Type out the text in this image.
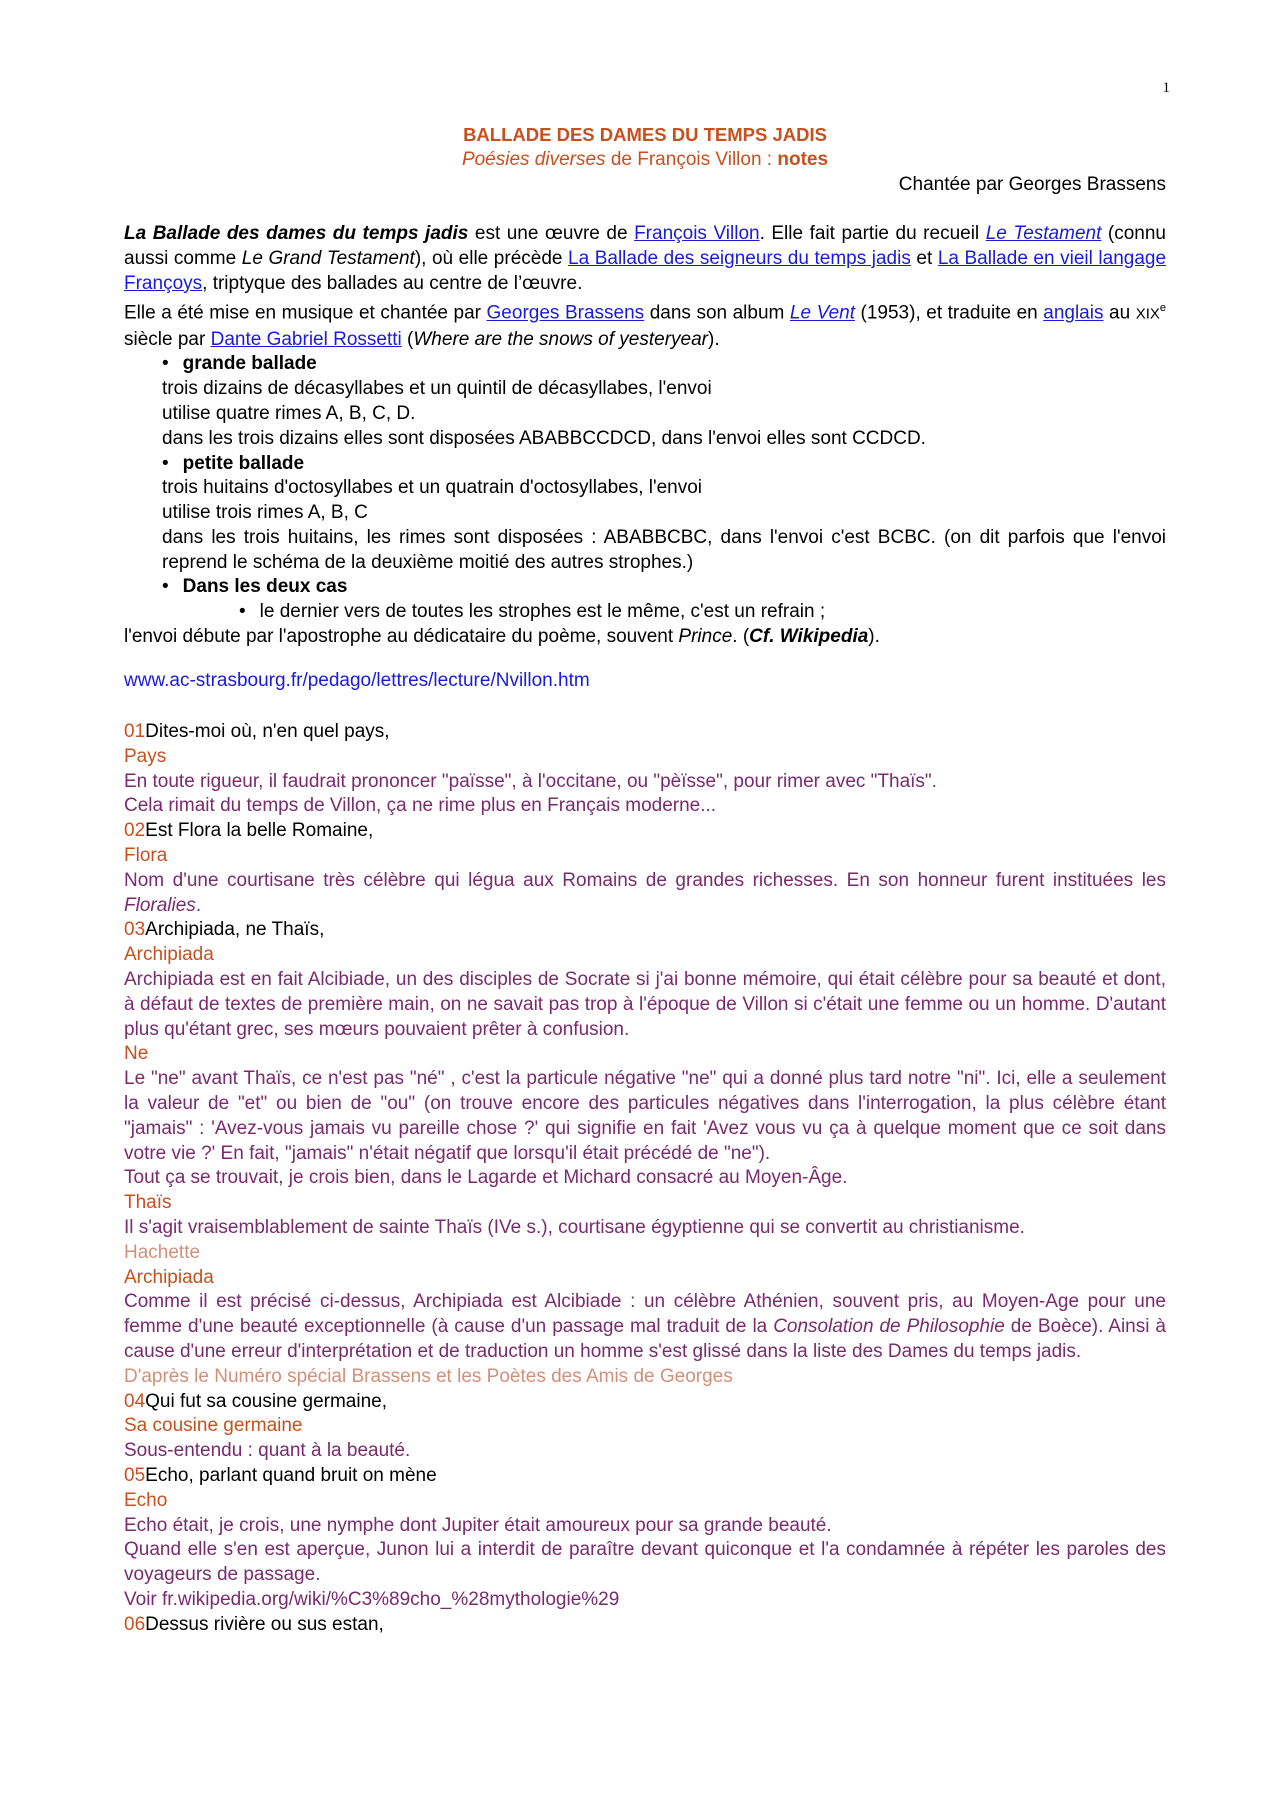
1
BALLADE DES DAMES DU TEMPS JADIS
Poésies diverses de François Villon : notes
Chantée par Georges Brassens
La Ballade des dames du temps jadis est une œuvre de François Villon. Elle fait partie du recueil Le Testament (connu aussi comme Le Grand Testament), où elle précède La Ballade des seigneurs du temps jadis et La Ballade en vieil langage Françoys, triptyque des ballades au centre de l’œuvre.
Elle a été mise en musique et chantée par Georges Brassens dans son album Le Vent (1953), et traduite en anglais au XIXe siècle par Dante Gabriel Rossetti (Where are the snows of yesteryear).
• grande ballade
trois dizains de décasyllabes et un quintil de décasyllabes, l'envoi
utilise quatre rimes A, B, C, D.
dans les trois dizains elles sont disposées ABABBCCDCD, dans l'envoi elles sont CCDCD.
• petite ballade
trois huitains d'octosyllabes et un quatrain d'octosyllabes, l'envoi
utilise trois rimes A, B, C
dans les trois huitains, les rimes sont disposées : ABABBCBC, dans l'envoi c'est BCBC. (on dit parfois que l'envoi reprend le schéma de la deuxième moitié des autres strophes.)
• Dans les deux cas
• le dernier vers de toutes les strophes est le même, c'est un refrain ;
l'envoi débute par l'apostrophe au dédicataire du poème, souvent Prince. (Cf. Wikipedia).
www.ac-strasbourg.fr/pedago/lettres/lecture/Nvillon.htm
01Dites-moi où, n'en quel pays,
Pays
En toute rigueur, il faudrait prononcer "païsse", à l'occitane, ou "pèïsse", pour rimer avec "Thaïs".
Cela rimait du temps de Villon, ça ne rime plus en Français moderne...
02Est Flora la belle Romaine,
Flora
Nom d'une courtisane très célèbre qui légua aux Romains de grandes richesses. En son honneur furent instituées les Floralies.
03Archipiada, ne Thaïs,
Archipiada
Archipiada est en fait Alcibiade, un des disciples de Socrate si j'ai bonne mémoire, qui était célèbre pour sa beauté et dont, à défaut de textes de première main, on ne savait pas trop à l'époque de Villon si c'était une femme ou un homme. D'autant plus qu'étant grec, ses mœurs pouvaient prêter à confusion.
Ne
Le "ne" avant Thaïs, ce n'est pas "né" , c'est la particule négative "ne" qui a donné plus tard notre "ni". Ici, elle a seulement la valeur de "et" ou bien de "ou" (on trouve encore des particules négatives dans l'interrogation, la plus célèbre étant "jamais" : 'Avez-vous jamais vu pareille chose ?' qui signifie en fait 'Avez vous vu ça à quelque moment que ce soit dans votre vie ?' En fait, "jamais" n'était négatif que lorsqu'il était précédé de "ne").
Tout ça se trouvait, je crois bien, dans le Lagarde et Michard consacré au Moyen-Âge.
Thaïs
Il s'agit vraisemblablement de sainte Thaïs (IVe s.), courtisane égyptienne qui se convertit au christianisme.
Hachette
Archipiada
Comme il est précisé ci-dessus, Archipiada est Alcibiade : un célèbre Athénien, souvent pris, au Moyen-Age pour une femme d'une beauté exceptionnelle (à cause d'un passage mal traduit de la Consolation de Philosophie de Boèce). Ainsi à cause d'une erreur d'interprétation et de traduction un homme s'est glissé dans la liste des Dames du temps jadis.
D'après le Numéro spécial Brassens et les Poètes des Amis de Georges
04Qui fut sa cousine germaine,
Sa cousine germaine
Sous-entendu : quant à la beauté.
05Echo, parlant quand bruit on mène
Echo
Echo était, je crois, une nymphe dont Jupiter était amoureux pour sa grande beauté.
Quand elle s'en est aperçue, Junon lui a interdit de paraître devant quiconque et l'a condamnée à répéter les paroles des voyageurs de passage.
Voir fr.wikipedia.org/wiki/%C3%89cho_%28mythologie%29
06Dessus rivière ou sus estan,
